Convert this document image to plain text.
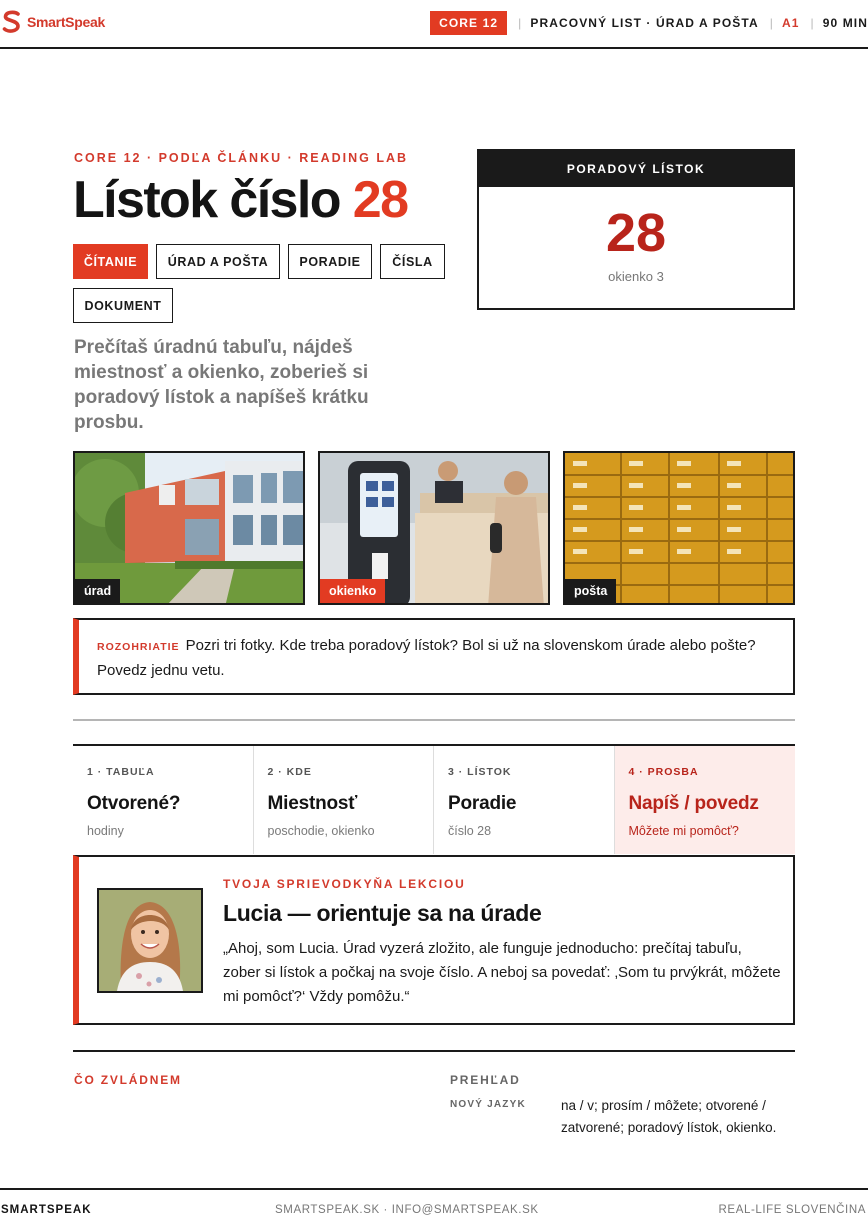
SmartSpeak	CORE 12	| PRACOVNÝ LIST · ÚRAD A POŠTA | A1 | 90 MIN
CORE 12 · PODĽA ČLÁNKU · READING LAB
Lístok číslo 28
ČÍTANIE	ÚRAD A POŠTA	PORADIE	ČÍSLA
DOKUMENT

Prečítaš úradnú tabuľu, nájdeš miestnosť a okienko, zoberieš si poradový lístok a napíšeš krátku prosbu.

PORADOVÝ LÍSTOK
28
okienko 3
úrad	okienko	pošta
ROZOHRIATIE Pozri tri fotky. Kde treba poradový lístok? Bol si už na slovenskom úrade alebo pošte? Povedz jednu vetu.
1 · TABUĽA
Otvorené?
hodiny
2 · KDE
Miestnosť
poschodie, okienko
3 · LÍSTOK
Poradie
číslo 28
4 · PROSBA
Napíš / povedz
Môžete mi pomôcť?
TVOJA SPRIEVODKYŇA LEKCIOU
Lucia — orientuje sa na úrade

„Ahoj, som Lucia. Úrad vyzerá zložito, ale funguje jednoducho: prečítaj tabuľu, zober si lístok a počkaj na svoje číslo. A neboj sa povedať: ‚Som tu prvýkrát, môžete mi pomôcť?‘ Vždy pomôžu.“

ČO ZVLÁDNEM	PREHĽAD
NOVÝ JAZYK	na / v; prosím / môžete; otvorené / zatvorené; poradový lístok, okienko.
SMARTSPEAK	SMARTSPEAK.SK · INFO@SMARTSPEAK.SK	REAL-LIFE SLOVENČINA
